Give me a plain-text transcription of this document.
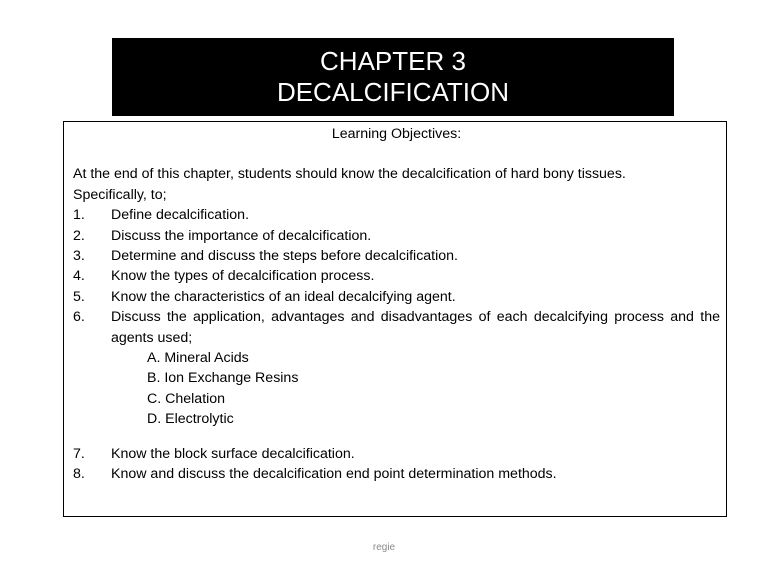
CHAPTER 3
DECALCIFICATION
Learning Objectives:
At the end of this chapter, students should know the decalcification of hard bony tissues.
Specifically, to;
1.	Define decalcification.
2.	Discuss the importance of decalcification.
3.	Determine and discuss the steps before decalcification.
4.	Know the types of decalcification process.
5.	Know the characteristics of an ideal decalcifying agent.
6.	Discuss the application, advantages and disadvantages of each decalcifying process and the agents used;
A. Mineral Acids
B. Ion Exchange Resins
C. Chelation
D. Electrolytic
7.	Know the block surface decalcification.
8.	Know and discuss the decalcification end point determination methods.
regie
